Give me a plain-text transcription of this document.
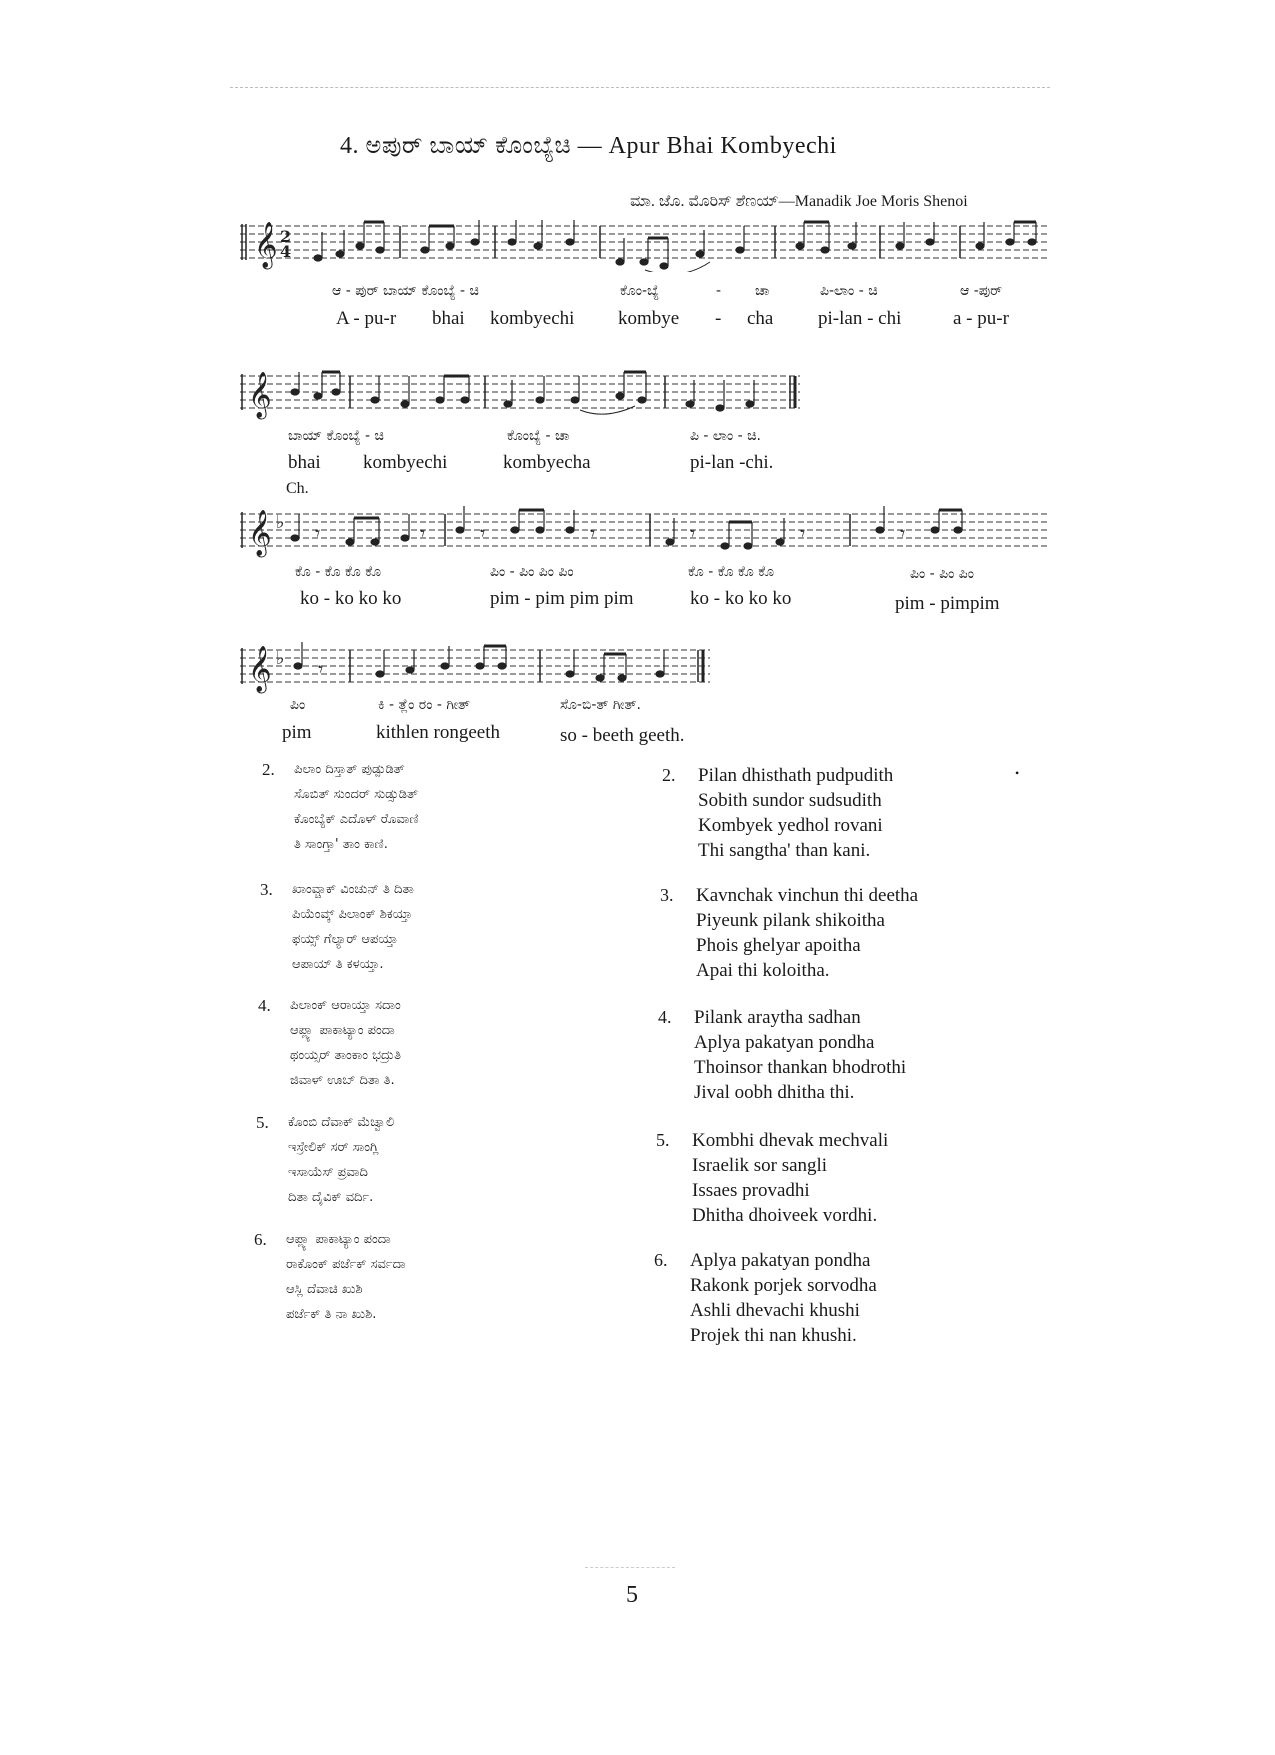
4. ಅಪುರ್ ಬಾಯ್ ಕೊಂಬ್ಯೆಚಿ — Apur Bhai Kombyechi
ಮಾ. ಜೊ. ಮೊರಿಸ್ ಶೆಣಯ್—Manadik Joe Moris Shenoi
𝄞 2
4
ಆ - ಪುರ್ ಬಾಯ್ ಕೊಂಬ್ಯೆ - ಚಿ	ಕೊಂ-ಬ್ಯೆ	- ಚಾ	ಪಿ-ಲಾಂ - ಚಿ	ಆ -ಪುರ್
A - pu-r bhai kombyechi kombye - cha pi-lan - chi	a - pu-r
𝄞
ಬಾಯ್ ಕೊಂಬ್ಯೆ - ಚಿ	ಕೊಂಬ್ಯೆ - ಚಾ	ಪಿ - ಲಾಂ - ಚಿ.
bhai kombyechi	kombyecha	pi-lan -chi.
Ch.
𝄞 ♭
𝄾	𝄾	𝄾	𝄾	𝄾	𝄾	𝄾
ಕೊ - ಕೊ ಕೊ ಕೊ	ಪಿಂ - ಪಿಂ ಪಿಂ ಪಿಂ	ಕೊ - ಕೊ ಕೊ ಕೊ	ಪಿಂ - ಪಿಂ ಪಿಂ
ko - ko ko ko	pim - pim pim pim	ko - ko ko ko	pim - pimpim
𝄞 ♭
𝄾
ಪಿಂ	ಕಿ - ತ್ಲೆಂ ರಂ - ಗೀತ್	ಸೊ-ಬಿ-ತ್ ಗೀತ್.
pim	kithlen rongeeth	so - beeth geeth.
2. ಪಿಲಾಂ ದಿಸ್ತಾತ್ ಪುಡ್ಪುಡಿತ್
ಸೊಬಿತ್ ಸುಂದರ್ ಸುಡ್ಸುಡಿತ್
ಕೊಂಬ್ಯೆಕ್ ಎದೊಳ್ ರೊವಾಣಿ
ತಿ ಸಾಂಗ್ತಾ' ತಾಂ ಕಾಣಿ.
3. ಖಾಂವ್ಚಾಕ್ ವಿಂಚುನ್ ತಿ ದಿತಾ
ಪಿಯೆಂವ್ಕ್ ಪಿಲಾಂಕ್ ಶಿಕಯ್ತಾ
ಫಯ್ಸ್ ಗೆಲ್ಯಾರ್ ಆಪಯ್ತಾ
ಆಪಾಯ್ ತಿ ಕಳಯ್ತಾ.
4. ಪಿಲಾಂಕ್ ಆರಾಯ್ತಾ ಸದಾಂ
ಆಪ್ಲ್ಯಾ ಪಾಕಾಟ್ಯಾಂ ಪಂದಾ
ಥಂಯ್ಸರ್ ತಾಂಕಾಂ ಭದ್ರುತಿ
ಜಿವಾಳ್ ಊಬ್ ದಿತಾ ತಿ.
5. ಕೊಂಬಿ ದೆವಾಕ್ ಮೆಚ್ವಾಲಿ
ಇಸ್ರೇಲಿಕ್ ಸರ್ ಸಾಂಗ್ಲಿ
ಇಸಾಯೆಸ್ ಪ್ರವಾದಿ
ದಿತಾ ದೈವಿಕ್ ವರ್ದಿ.
6. ಆಪ್ಲ್ಯಾ ಪಾಕಾಟ್ಯಾಂ ಪಂದಾ
ರಾಕೊಂಕ್ ಪರ್ಜೆಕ್ ಸರ್ವದಾ
ಆಸ್ಲಿ ದೆವಾಚಿ ಖುಶಿ
ಪರ್ಜೆಕ್ ತಿ ನಾ ಖುಶಿ.
2. Pilan dhisthath pudpudith
Sobith sundor sudsudith
Kombyek yedhol rovani
Thi sangtha' than kani.
3. Kavnchak vinchun thi deetha
Piyeunk pilank shikoitha
Phois ghelyar apoitha
Apai thi koloitha.
4. Pilank araytha sadhan
Aplya pakatyan pondha
Thoinsor thankan bhodrothi
Jival oobh dhitha thi.
5. Kombhi dhevak mechvali
Israelik sor sangli
Issaes provadhi
Dhitha dhoiveek vordhi.
6. Aplya pakatyan pondha
Rakonk porjek sorvodha
Ashli dhevachi khushi
Projek thi nan khushi.
•
5
